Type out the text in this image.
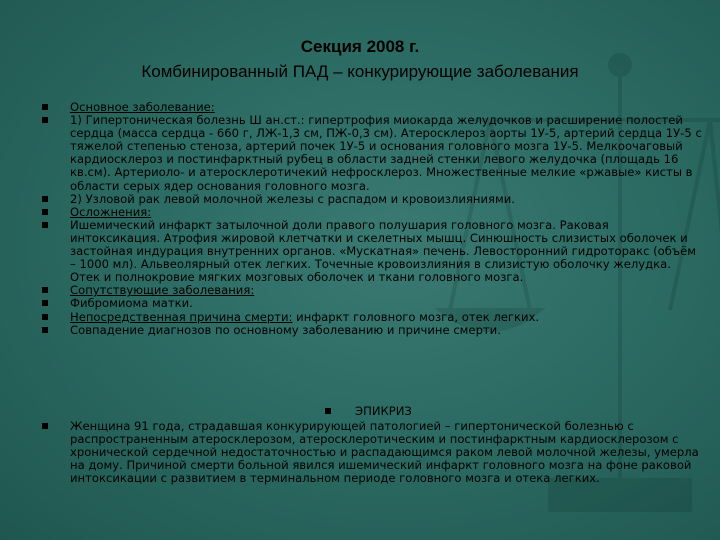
Секция 2008 г.
Комбинированный ПАД – конкурирующие заболевания
Основное заболевание:
1) Гипертоническая болезнь Ш ан.ст.: гипертрофия миокарда желудочков и расширение полостей сердца (масса сердца - 660 г, ЛЖ-1,3 см, ПЖ-0,3 см). Атеросклероз аорты 1У-5, артерий сердца 1У-5 с тяжелой степенью стеноза, артерий почек 1У-5 и основания головного мозга 1У-5. Мелкоочаговый кардиосклероз и постинфарктный рубец в области задней стенки левого желудочка (площадь 16 кв.см). Артериоло- и атеросклеротичекий нефросклероз. Множественные мелкие «ржавые» кисты в области серых ядер основания головного мозга.
2) Узловой рак левой молочной железы с распадом и кровоизлияниями.
Осложнения:
Ишемический инфаркт затылочной доли правого полушария головного мозга. Раковая интоксикация. Атрофия жировой клетчатки и скелетных мышц. Синюшность слизистых оболочек и застойная индурация внутренних органов. «Мускатная» печень. Левосторонний гидроторакс (объём – 1000 мл). Альвеолярный отек легких. Точечные кровоизлияния в слизистую оболочку желудка. Отек и полнокровие мягких мозговых оболочек и ткани головного мозга.
Сопутствующие заболевания:
Фибромиома матки.
Непосредственная причина смерти: инфаркт головного мозга, отек легких.
Совпадение диагнозов по основному заболеванию и причине смерти.
ЭПИКРИЗ
Женщина 91 года, страдавшая конкурирующей патологией – гипертонической болезнью с распространенным атеросклерозом, атеросклеротическим и постинфарктным кардиосклерозом с хронической сердечной недостаточностью и распадающимся раком левой молочной железы, умерла на дому. Причиной смерти больной явился ишемический инфаркт головного мозга на фоне раковой интоксикации с развитием в терминальном периоде головного мозга и отека легких.
